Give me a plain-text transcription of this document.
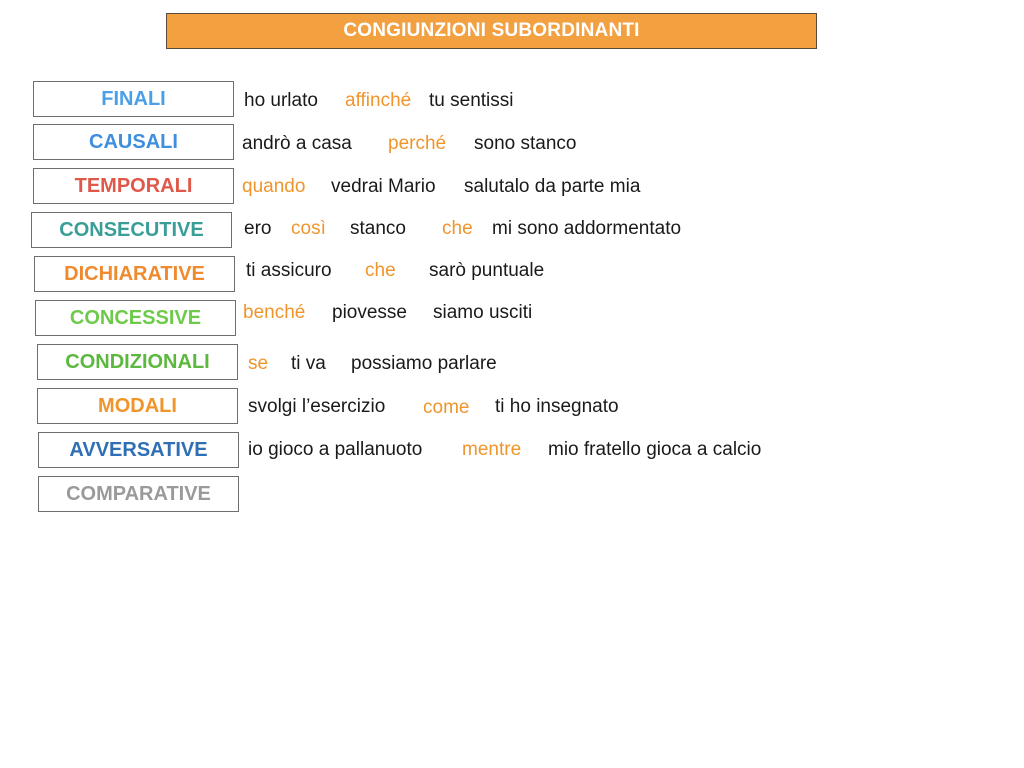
CONGIUNZIONI SUBORDINANTI
FINALI	ho urlato affinché tu sentissi
CAUSALI	andrò a casa perché sono stanco
TEMPORALI	quando vedrai Mario salutalo da parte mia
CONSECUTIVE ero così stanco che mi sono addormentato
DICHIARATIVE ti assicuro che sarò puntuale
CONCESSIVE benché piovesse siamo usciti
CONDIZIONALI se ti va possiamo parlare
MODALI	svolgi l’esercizio come ti ho insegnato
AVVERSATIVE io gioco a pallanuoto mentre mio fratello gioca a calcio
COMPARATIVE
